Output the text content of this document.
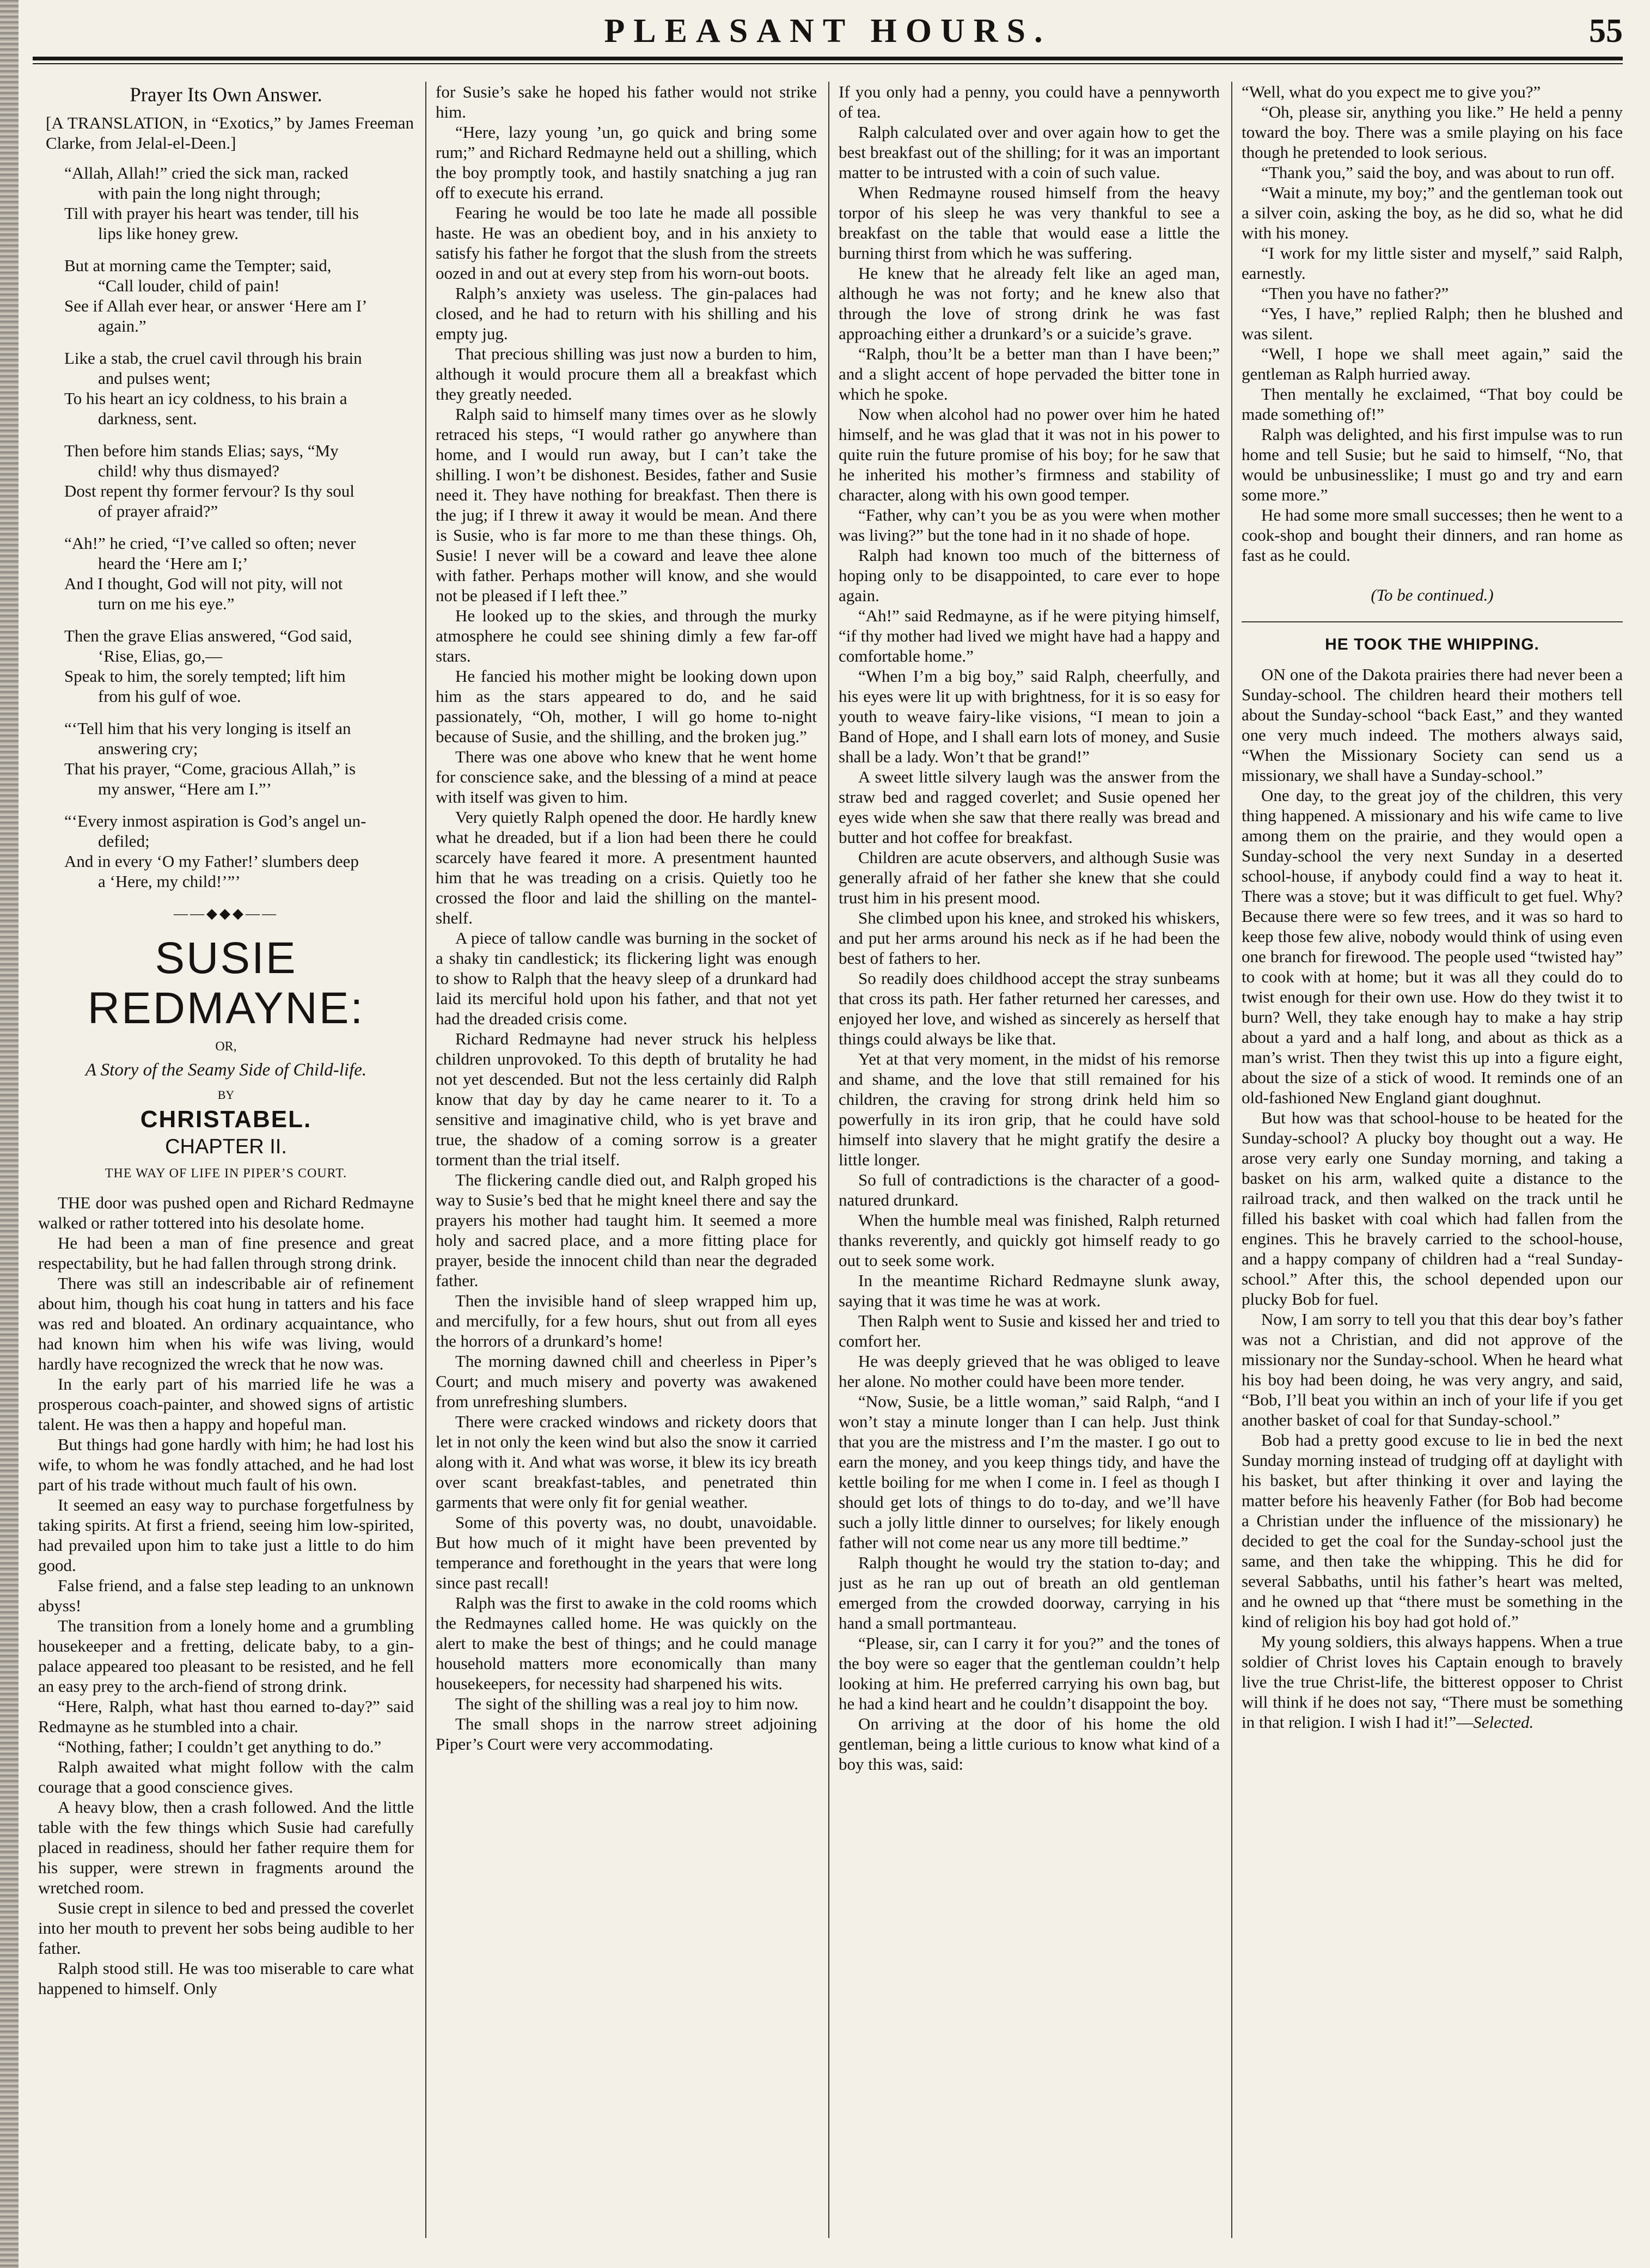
PLEASANT HOURS.	55
Prayer Its Own Answer.

[A TRANSLATION, in “Exotics,” by James Freeman Clarke, from Jelal-el-Deen.]

“Allah, Allah!” cried the sick man, racked
with pain the long night through;
Till with prayer his heart was tender, till his
lips like honey grew.
But at morning came the Tempter; said,
“Call louder, child of pain!
See if Allah ever hear, or answer ‘Here am I’
again.”
Like a stab, the cruel cavil through his brain
and pulses went;
To his heart an icy coldness, to his brain a
darkness, sent.
Then before him stands Elias; says, “My
child! why thus dismayed?
Dost repent thy former fervour? Is thy soul
of prayer afraid?”
“Ah!” he cried, “I’ve called so often; never
heard the ‘Here am I;’
And I thought, God will not pity, will not
turn on me his eye.”
Then the grave Elias answered, “God said,
‘Rise, Elias, go,—
Speak to him, the sorely tempted; lift him
from his gulf of woe.
“‘Tell him that his very longing is itself an
answering cry;
That his prayer, “Come, gracious Allah,” is
my answer, “Here am I.”’
“‘Every inmost aspiration is God’s angel un-
defiled;
And in every ‘O my Father!’ slumbers deep
a ‘Here, my child!’”’
——◆◆◆——
SUSIE REDMAYNE:
OR,
A Story of the Seamy Side of Child-life.
BY
CHRISTABEL.
CHAPTER II.
THE WAY OF LIFE IN PIPER’S COURT.

THE door was pushed open and Richard Redmayne walked or rather tottered into his desolate home.

He had been a man of fine presence and great respectability, but he had fallen through strong drink.

There was still an indescribable air of refinement about him, though his coat hung in tatters and his face was red and bloated. An ordinary acquaintance, who had known him when his wife was living, would hardly have recognized the wreck that he now was.

In the early part of his married life he was a prosperous coach-painter, and showed signs of artistic talent. He was then a happy and hopeful man.

But things had gone hardly with him; he had lost his wife, to whom he was fondly attached, and he had lost part of his trade without much fault of his own.

It seemed an easy way to purchase forgetfulness by taking spirits. At first a friend, seeing him low-spirited, had prevailed upon him to take just a little to do him good.

False friend, and a false step leading to an unknown abyss!

The transition from a lonely home and a grumbling housekeeper and a fretting, delicate baby, to a gin-palace appeared too pleasant to be resisted, and he fell an easy prey to the arch-fiend of strong drink.

“Here, Ralph, what hast thou earned to-day?” said Redmayne as he stumbled into a chair.

“Nothing, father; I couldn’t get anything to do.”

Ralph awaited what might follow with the calm courage that a good conscience gives.

A heavy blow, then a crash followed. And the little table with the few things which Susie had carefully placed in readiness, should her father require them for his supper, were strewn in fragments around the wretched room.

Susie crept in silence to bed and pressed the coverlet into her mouth to prevent her sobs being audible to her father.

Ralph stood still. He was too miserable to care what happened to himself. Only

for Susie’s sake he hoped his father would not strike him.

“Here, lazy young ’un, go quick and bring some rum;” and Richard Redmayne held out a shilling, which the boy promptly took, and hastily snatching a jug ran off to execute his errand.

Fearing he would be too late he made all possible haste. He was an obedient boy, and in his anxiety to satisfy his father he forgot that the slush from the streets oozed in and out at every step from his worn-out boots.

Ralph’s anxiety was useless. The gin-palaces had closed, and he had to return with his shilling and his empty jug.

That precious shilling was just now a burden to him, although it would procure them all a breakfast which they greatly needed.

Ralph said to himself many times over as he slowly retraced his steps, “I would rather go anywhere than home, and I would run away, but I can’t take the shilling. I won’t be dishonest. Besides, father and Susie need it. They have nothing for breakfast. Then there is the jug; if I threw it away it would be mean. And there is Susie, who is far more to me than these things. Oh, Susie! I never will be a coward and leave thee alone with father. Perhaps mother will know, and she would not be pleased if I left thee.”

He looked up to the skies, and through the murky atmosphere he could see shining dimly a few far-off stars.

He fancied his mother might be looking down upon him as the stars appeared to do, and he said passionately, “Oh, mother, I will go home to-night because of Susie, and the shilling, and the broken jug.”

There was one above who knew that he went home for conscience sake, and the blessing of a mind at peace with itself was given to him.

Very quietly Ralph opened the door. He hardly knew what he dreaded, but if a lion had been there he could scarcely have feared it more. A presentment haunted him that he was treading on a crisis. Quietly too he crossed the floor and laid the shilling on the mantel-shelf.

A piece of tallow candle was burning in the socket of a shaky tin candlestick; its flickering light was enough to show to Ralph that the heavy sleep of a drunkard had laid its merciful hold upon his father, and that not yet had the dreaded crisis come.

Richard Redmayne had never struck his helpless children unprovoked. To this depth of brutality he had not yet descended. But not the less certainly did Ralph know that day by day he came nearer to it. To a sensitive and imaginative child, who is yet brave and true, the shadow of a coming sorrow is a greater torment than the trial itself.

The flickering candle died out, and Ralph groped his way to Susie’s bed that he might kneel there and say the prayers his mother had taught him. It seemed a more holy and sacred place, and a more fitting place for prayer, beside the innocent child than near the degraded father.

Then the invisible hand of sleep wrapped him up, and mercifully, for a few hours, shut out from all eyes the horrors of a drunkard’s home!

The morning dawned chill and cheerless in Piper’s Court; and much misery and poverty was awakened from unrefreshing slumbers.

There were cracked windows and rickety doors that let in not only the keen wind but also the snow it carried along with it. And what was worse, it blew its icy breath over scant breakfast-tables, and penetrated thin garments that were only fit for genial weather.

Some of this poverty was, no doubt, unavoidable. But how much of it might have been prevented by temperance and forethought in the years that were long since past recall!

Ralph was the first to awake in the cold rooms which the Redmaynes called home. He was quickly on the alert to make the best of things; and he could manage household matters more economically than many housekeepers, for necessity had sharpened his wits.

The sight of the shilling was a real joy to him now.

The small shops in the narrow street adjoining Piper’s Court were very accommodating.

If you only had a penny, you could have a pennyworth of tea.

Ralph calculated over and over again how to get the best breakfast out of the shilling; for it was an important matter to be intrusted with a coin of such value.

When Redmayne roused himself from the heavy torpor of his sleep he was very thankful to see a breakfast on the table that would ease a little the burning thirst from which he was suffering.

He knew that he already felt like an aged man, although he was not forty; and he knew also that through the love of strong drink he was fast approaching either a drunkard’s or a suicide’s grave.

“Ralph, thou’lt be a better man than I have been;” and a slight accent of hope pervaded the bitter tone in which he spoke.

Now when alcohol had no power over him he hated himself, and he was glad that it was not in his power to quite ruin the future promise of his boy; for he saw that he inherited his mother’s firmness and stability of character, along with his own good temper.

“Father, why can’t you be as you were when mother was living?” but the tone had in it no shade of hope.

Ralph had known too much of the bitterness of hoping only to be disappointed, to care ever to hope again.

“Ah!” said Redmayne, as if he were pitying himself, “if thy mother had lived we might have had a happy and comfortable home.”

“When I’m a big boy,” said Ralph, cheerfully, and his eyes were lit up with brightness, for it is so easy for youth to weave fairy-like visions, “I mean to join a Band of Hope, and I shall earn lots of money, and Susie shall be a lady. Won’t that be grand!”

A sweet little silvery laugh was the answer from the straw bed and ragged coverlet; and Susie opened her eyes wide when she saw that there really was bread and butter and hot coffee for breakfast.

Children are acute observers, and although Susie was generally afraid of her father she knew that she could trust him in his present mood.

She climbed upon his knee, and stroked his whiskers, and put her arms around his neck as if he had been the best of fathers to her.

So readily does childhood accept the stray sunbeams that cross its path. Her father returned her caresses, and enjoyed her love, and wished as sincerely as herself that things could always be like that.

Yet at that very moment, in the midst of his remorse and shame, and the love that still remained for his children, the craving for strong drink held him so powerfully in its iron grip, that he could have sold himself into slavery that he might gratify the desire a little longer.

So full of contradictions is the character of a good-natured drunkard.

When the humble meal was finished, Ralph returned thanks reverently, and quickly got himself ready to go out to seek some work.

In the meantime Richard Redmayne slunk away, saying that it was time he was at work.

Then Ralph went to Susie and kissed her and tried to comfort her.

He was deeply grieved that he was obliged to leave her alone. No mother could have been more tender.

“Now, Susie, be a little woman,” said Ralph, “and I won’t stay a minute longer than I can help. Just think that you are the mistress and I’m the master. I go out to earn the money, and you keep things tidy, and have the kettle boiling for me when I come in. I feel as though I should get lots of things to do to-day, and we’ll have such a jolly little dinner to ourselves; for likely enough father will not come near us any more till bedtime.”

Ralph thought he would try the station to-day; and just as he ran up out of breath an old gentleman emerged from the crowded doorway, carrying in his hand a small portmanteau.

“Please, sir, can I carry it for you?” and the tones of the boy were so eager that the gentleman couldn’t help looking at him. He preferred carrying his own bag, but he had a kind heart and he couldn’t disappoint the boy.

On arriving at the door of his home the old gentleman, being a little curious to know what kind of a boy this was, said:

“Well, what do you expect me to give you?”

“Oh, please sir, anything you like.” He held a penny toward the boy. There was a smile playing on his face though he pretended to look serious.

“Thank you,” said the boy, and was about to run off.

“Wait a minute, my boy;” and the gentleman took out a silver coin, asking the boy, as he did so, what he did with his money.

“I work for my little sister and myself,” said Ralph, earnestly.

“Then you have no father?”

“Yes, I have,” replied Ralph; then he blushed and was silent.

“Well, I hope we shall meet again,” said the gentleman as Ralph hurried away.

Then mentally he exclaimed, “That boy could be made something of!”

Ralph was delighted, and his first impulse was to run home and tell Susie; but he said to himself, “No, that would be unbusinesslike; I must go and try and earn some more.”

He had some more small successes; then he went to a cook-shop and bought their dinners, and ran home as fast as he could.

(To be continued.)
HE TOOK THE WHIPPING.

ON one of the Dakota prairies there had never been a Sunday-school. The children heard their mothers tell about the Sunday-school “back East,” and they wanted one very much indeed. The mothers always said, “When the Missionary Society can send us a missionary, we shall have a Sunday-school.”

One day, to the great joy of the children, this very thing happened. A missionary and his wife came to live among them on the prairie, and they would open a Sunday-school the very next Sunday in a deserted school-house, if anybody could find a way to heat it. There was a stove; but it was difficult to get fuel. Why? Because there were so few trees, and it was so hard to keep those few alive, nobody would think of using even one branch for firewood. The people used “twisted hay” to cook with at home; but it was all they could do to twist enough for their own use. How do they twist it to burn? Well, they take enough hay to make a hay strip about a yard and a half long, and about as thick as a man’s wrist. Then they twist this up into a figure eight, about the size of a stick of wood. It reminds one of an old-fashioned New England giant doughnut.

But how was that school-house to be heated for the Sunday-school? A plucky boy thought out a way. He arose very early one Sunday morning, and taking a basket on his arm, walked quite a distance to the railroad track, and then walked on the track until he filled his basket with coal which had fallen from the engines. This he bravely carried to the school-house, and a happy company of children had a “real Sunday-school.” After this, the school depended upon our plucky Bob for fuel.

Now, I am sorry to tell you that this dear boy’s father was not a Christian, and did not approve of the missionary nor the Sunday-school. When he heard what his boy had been doing, he was very angry, and said, “Bob, I’ll beat you within an inch of your life if you get another basket of coal for that Sunday-school.”

Bob had a pretty good excuse to lie in bed the next Sunday morning instead of trudging off at daylight with his basket, but after thinking it over and laying the matter before his heavenly Father (for Bob had become a Christian under the influence of the missionary) he decided to get the coal for the Sunday-school just the same, and then take the whipping. This he did for several Sabbaths, until his father’s heart was melted, and he owned up that “there must be something in the kind of religion his boy had got hold of.”

My young soldiers, this always happens. When a true soldier of Christ loves his Captain enough to bravely live the true Christ-life, the bitterest opposer to Christ will think if he does not say, “There must be something in that religion. I wish I had it!”—Selected.
